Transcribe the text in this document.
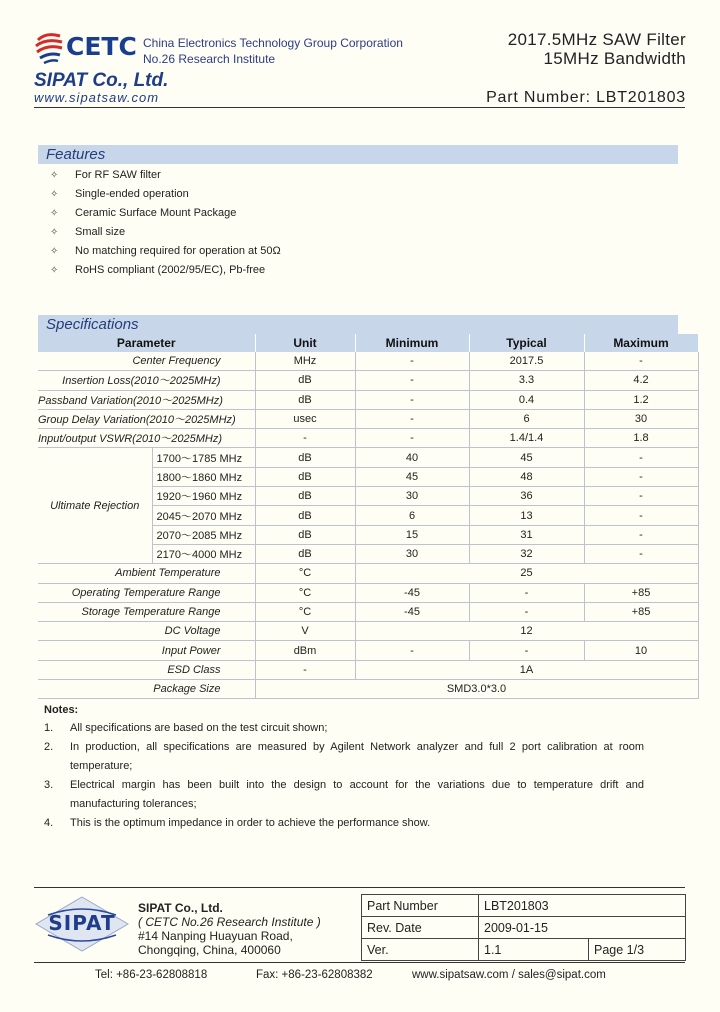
CETC China Electronics Technology Group Corporation
No.26 Research Institute
2017.5MHz SAW Filter
15MHz Bandwidth
SIPAT Co., Ltd.
www.sipatsaw.com	Part Number: LBT201803
Features
✧ For RF SAW filter
✧ Single-ended operation
✧ Ceramic Surface Mount Package
✧ Small size
✧ No matching required for operation at 50Ω
✧ RoHS compliant (2002/95/EC), Pb-free
Specifications
Parameter		Unit	Minimum	Typical	Maximum
Center Frequency		MHz	-	2017.5	-
Insertion Loss(2010～2025MHz)		dB	-	3.3	4.2
Passband Variation(2010～2025MHz)		dB	-	0.4	1.2
Group Delay Variation(2010～2025MHz)		usec	-	6	30
Input/output VSWR(2010～2025MHz)		-	-	1.4/1.4	1.8
Ultimate Rejection	1700～1785 MHz	dB	40	45	-
	1800～1860 MHz	dB	45	48	-
	1920～1960 MHz	dB	30	36	-
	2045～2070 MHz	dB	6	13	-
	2070～2085 MHz	dB	15	31	-
	2170～4000 MHz	dB	30	32	-
Ambient Temperature		°C	25		
Operating Temperature Range		°C	-45	-	+85
Storage Temperature Range		°C	-45	-	+85
DC Voltage		V	12		
Input Power		dBm	-	-	10
ESD Class		-	1A		
Package Size		SMD3.0*3.0			
Notes:
1. All specifications are based on the test circuit shown;
2. In production, all specifications are measured by Agilent Network analyzer and full 2 port calibration at room temperature;
3. Electrical margin has been built into the design to account for the variations due to temperature drift and manufacturing tolerances;
4. This is the optimum impedance in order to achieve the performance show.
SIPAT
SIPAT Co., Ltd.
( CETC No.26 Research Institute )
#14 Nanping Huayuan Road,
Chongqing, China, 400060
Part Number	LBT201803	
Rev. Date	2009-01-15	
Ver.	1.1	Page 1/3
Tel: +86-23-62808818	Fax: +86-23-62808382	www.sipatsaw.com / sales@sipat.com
